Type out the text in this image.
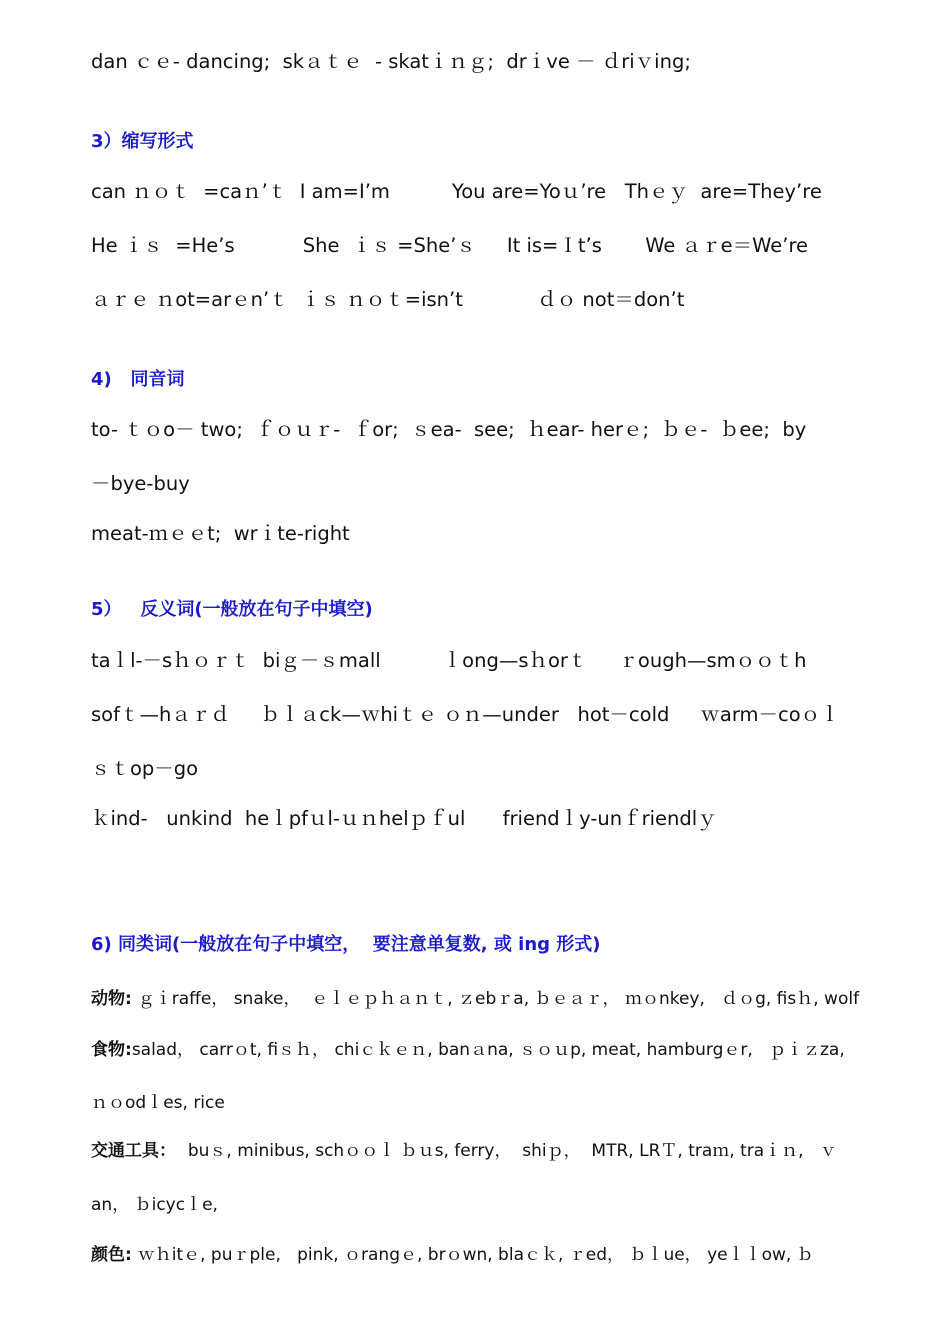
dan ｃｅ- dancing;  skａｔｅ  - skatｉｎｇ;  drｉve － ｄriｖing;
3）缩写形式
can ｎｏｔ  =caｎ’ｔ  I am=I’m          You are=Yoｕ’re   Thｅｙ  are=They’re
He ｉｓ  =He’s           She  ｉｓ =She’ｓ     It is=Ｉt’s       We ａｒe＝We’re
ａｒｅ ｎot=arｅn’ｔ  ｉｓ ｎｏｔ=isn’t            ｄｏ not＝don’t
4)   同音词
to- ｔｏo－ two;  ｆｏｕｒ-  ｆor;  ｓea-  see;  ｈear- herｅ;  ｂｅ-  ｂee;  by
－bye-buy
meat-ｍｅｅt;  wrｉte-right
5）   反义词(一般放在句子中填空)
taｌl-－sｈｏｒｔ  biｇ－ｓmall          ｌong—sｈorｔ     ｒough—smｏｏｔh
sofｔ—hａｒｄ     ｂｌａck—ｗhiｔｅ ｏｎ—under   hot－cold     ｗarm－coｏｌ
ｓｔop－go
ｋind-   unkind  heｌpfｕl-ｕｎhelｐｆul      friendｌy-unｆriendlｙ
6) 同类词(一般放在句子中填空，  要注意单复数, 或 ing 形式)
动物: ｇｉraffe， snake，  ｅｌｅｐｈａｎｔ, ｚebｒa, ｂｅａｒ， ｍｏnkey,   ｄｏg, fisｈ, wolf
食物:salad， carrｏt, fiｓｈ， chiｃｋｅｎ, banａna, ｓｏｕp, meat, hamburgｅr,   ｐｉｚza,
ｎｏodｌes, rice
交通工具：  buｓ, minibus, schｏｏｌ ｂｕs, ferry，  shiｐ，  MTR, LRＴ, traｍ, traｉｎ,   ｖ
an， ｂicycｌe,
颜色: ｗｈitｅ, puｒple,   pink, ｏrangｅ, brｏwn, blaｃｋ, ｒed， ｂｌue， yeｌｌow, ｂ
